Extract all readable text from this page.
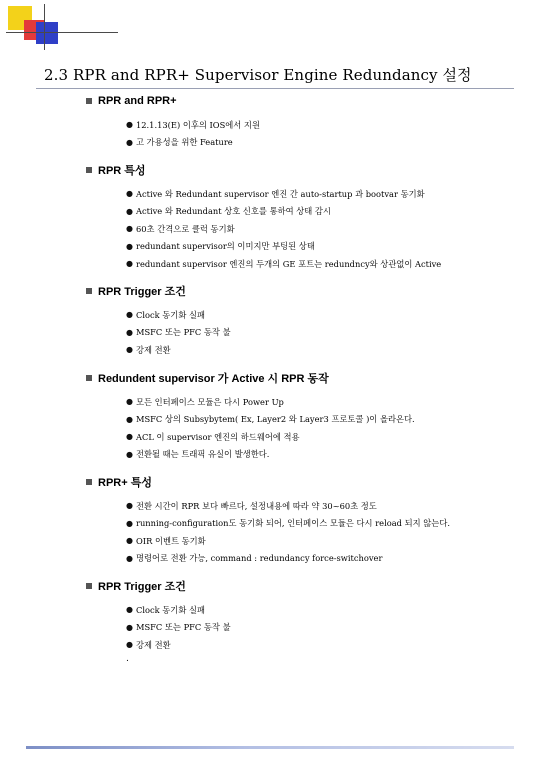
2.3 RPR and RPR+ Supervisor Engine Redundancy 설정
RPR and RPR+
● 12.1.13(E) 이후의 IOS에서 지원
● 고 가용성을 위한 Feature
RPR 특성
● Active 와 Redundant supervisor 엔진 간 auto-startup 과 bootvar 동기화
● Active 와 Redundant 상호 신호를 통하여 상태 감시
● 60초 간격으로 클럭 동기화
● redundant supervisor의 이미지만 부팅된 상태
● redundant supervisor 엔진의 두개의 GE 포트는 redundncy와 상관없이 Active
RPR Trigger 조건
● Clock 동기화 실패
● MSFC 또는 PFC 동작 불
● 강제 전환
Redundent supervisor 가 Active 시 RPR 동작
● 모든 인터페이스 모듈은 다시 Power Up
● MSFC 상의 Subsybytem( Ex, Layer2 와 Layer3 프로토콜 )이 올라온다.
● ACL 이 supervisor 엔진의 하드웨어에 적용
● 전환될 때는 트래픽 유실이 발생한다.
RPR+ 특성
● 전환 시간이 RPR 보다 빠르다, 설정내용에 따라 약 30~60초 정도
● running-configuration도 동기화 되어, 인터페이스 모듈은 다시 reload 되지 않는다.
● OIR 이벤트 동기화
● 명령어로 전환 가능, command : redundancy force-switchover
RPR Trigger 조건
● Clock 동기화 실패
● MSFC 또는 PFC 동작 불
● 강제 전환
.
